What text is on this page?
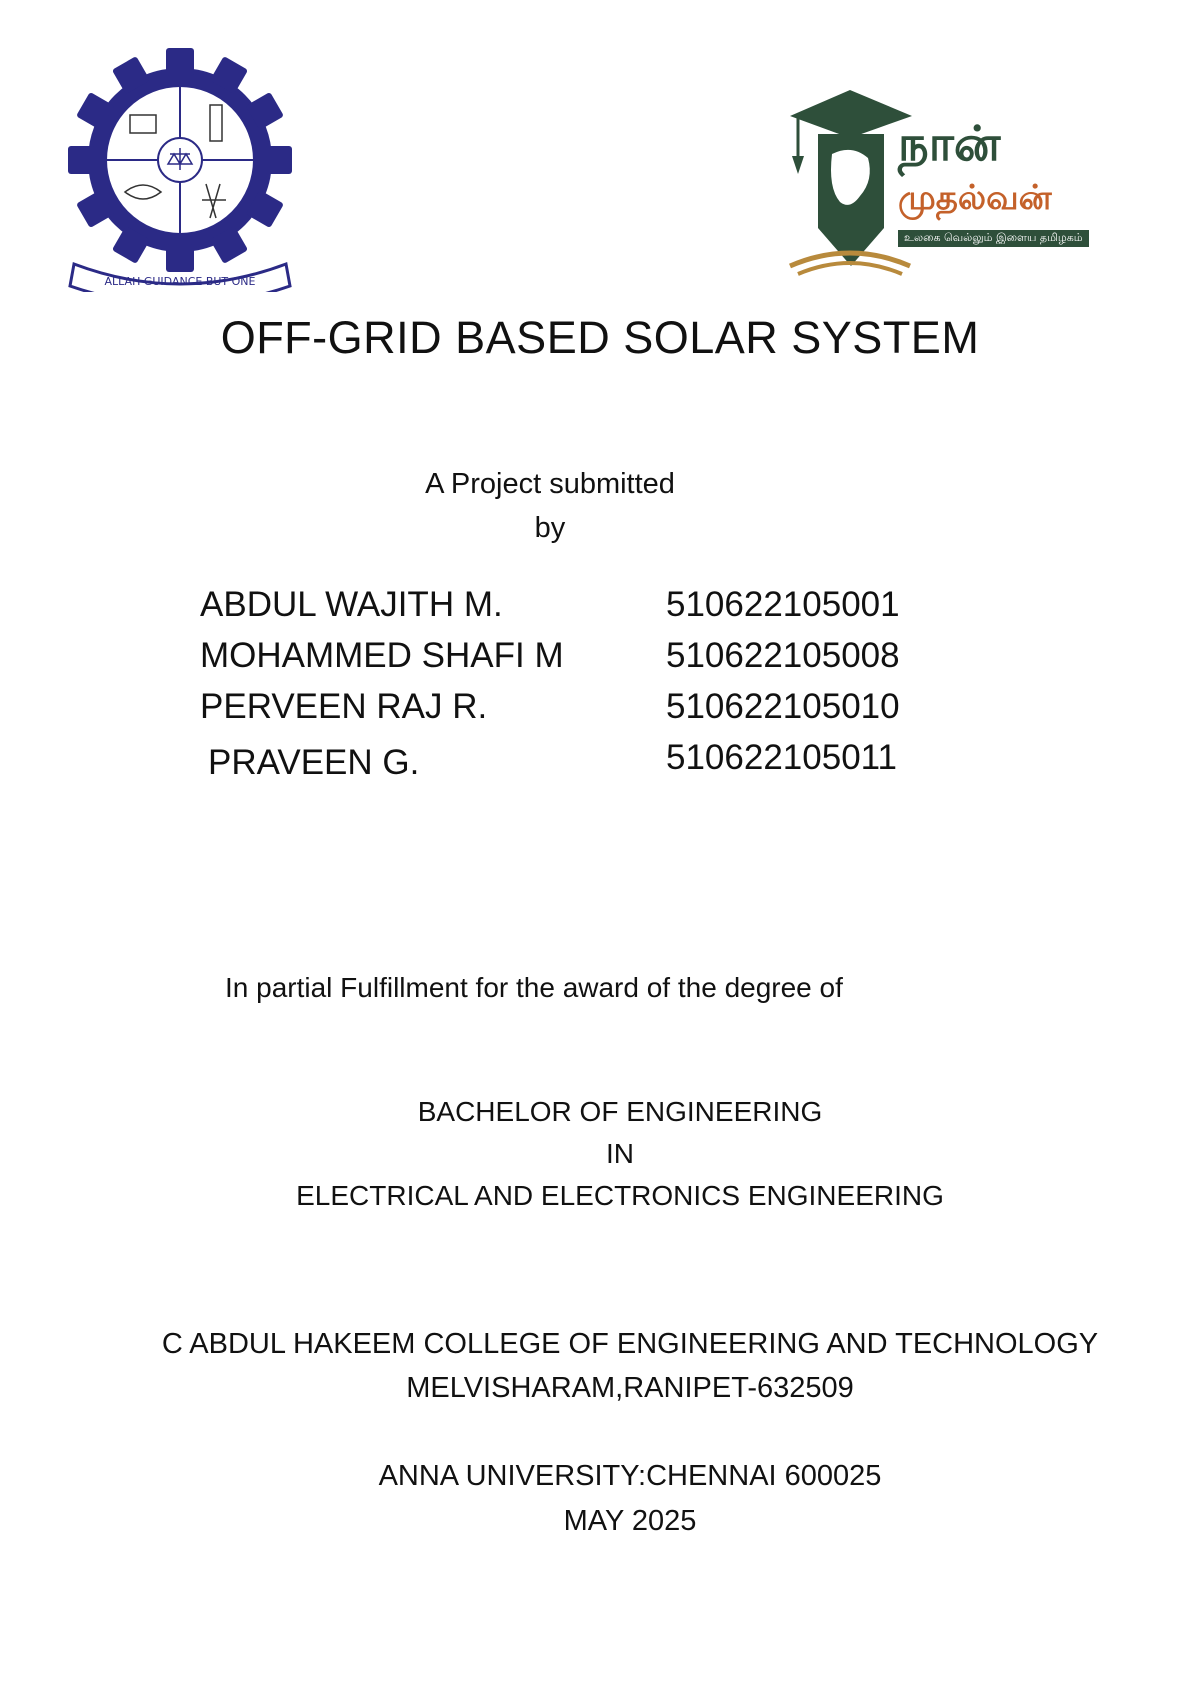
ALLAH GUIDANCE BUT ONE
நான்
முதல்வன்
உலகை வெல்லும் இளைய தமிழகம்
OFF-GRID BASED SOLAR SYSTEM
A Project submitted
by
ABDUL WAJITH M.	510622105001
MOHAMMED SHAFI M	510622105008
PERVEEN RAJ R.	510622105010
PRAVEEN G.	510622105011
In partial Fulfillment for the award of the degree of
BACHELOR OF ENGINEERING
IN
ELECTRICAL AND ELECTRONICS ENGINEERING
C ABDUL HAKEEM COLLEGE OF ENGINEERING AND TECHNOLOGY
MELVISHARAM,RANIPET-632509
ANNA UNIVERSITY:CHENNAI 600025
MAY 2025
